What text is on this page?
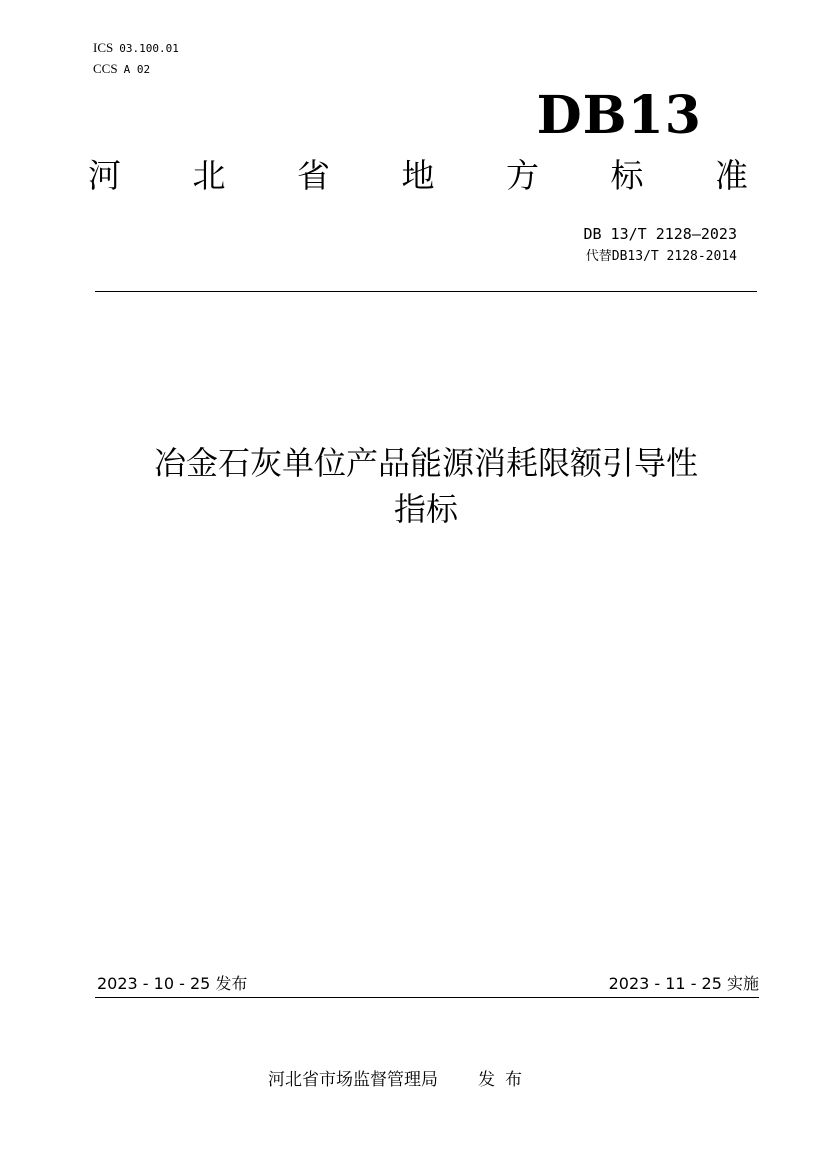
ICS 03.100.01
CCS A 02
DB13
河 北 省 地 方 标 准
DB 13/T 2128—2023
代替DB13/T 2128-2014
冶金石灰单位产品能源消耗限额引导性
指标
2023 - 10 - 25 发布	2023 - 11 - 25 实施
河北省市场监督管理局 发布
